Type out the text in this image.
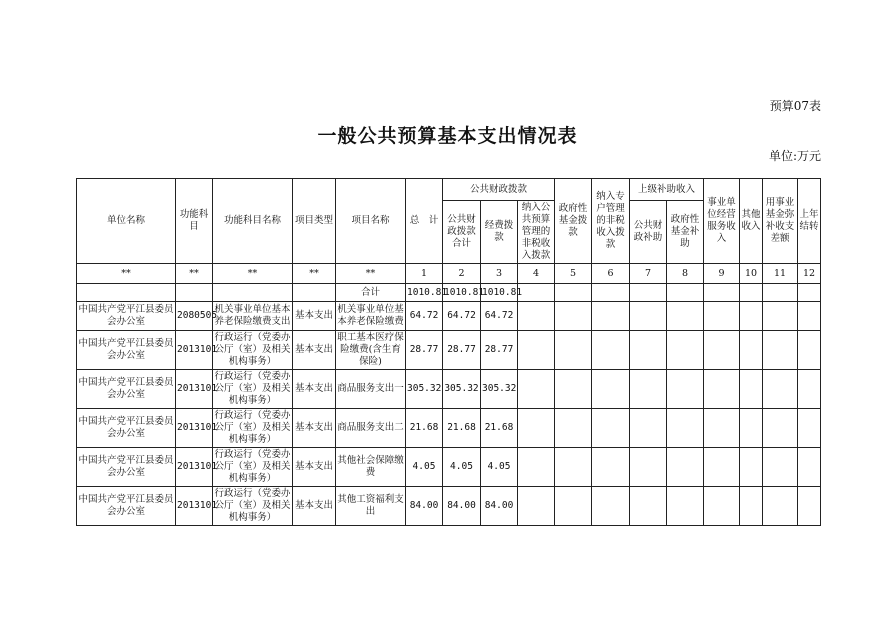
预算07表
一般公共预算基本支出情况表
单位:万元
单位名称	功能科目	功能科目名称	项目类型	项目名称	总　计	公共财政拨款			政府性基金拨款	纳入专户管理的非税收入拨款	上级补助收入		事业单位经营服务收入	其他收入	用事业基金弥补收支差额	上年结转
						公共财政拨款合计	经费拨款	纳入公共预算管理的非税收入拨款			公共财政补助	政府性基金补助				
**	**	**	**	**	1	2	3	4	5	6	7	8	9	10	11	12
				合计	1010.81	1010.81	1010.81									
中国共产党平江县委员会办公室	2080505	机关事业单位基本养老保险缴费支出	基本支出	机关事业单位基本养老保险缴费	64.72	64.72	64.72									
中国共产党平江县委员会办公室	2013101	行政运行（党委办公厅（室）及相关机构事务）	基本支出	职工基本医疗保险缴费(含生育保险)	28.77	28.77	28.77									
中国共产党平江县委员会办公室	2013101	行政运行（党委办公厅（室）及相关机构事务）	基本支出	商品服务支出一	305.32	305.32	305.32									
中国共产党平江县委员会办公室	2013101	行政运行（党委办公厅（室）及相关机构事务）	基本支出	商品服务支出二	21.68	21.68	21.68									
中国共产党平江县委员会办公室	2013101	行政运行（党委办公厅（室）及相关机构事务）	基本支出	其他社会保障缴费	4.05	4.05	4.05									
中国共产党平江县委员会办公室	2013101	行政运行（党委办公厅（室）及相关机构事务）	基本支出	其他工资福利支出	84.00	84.00	84.00									
